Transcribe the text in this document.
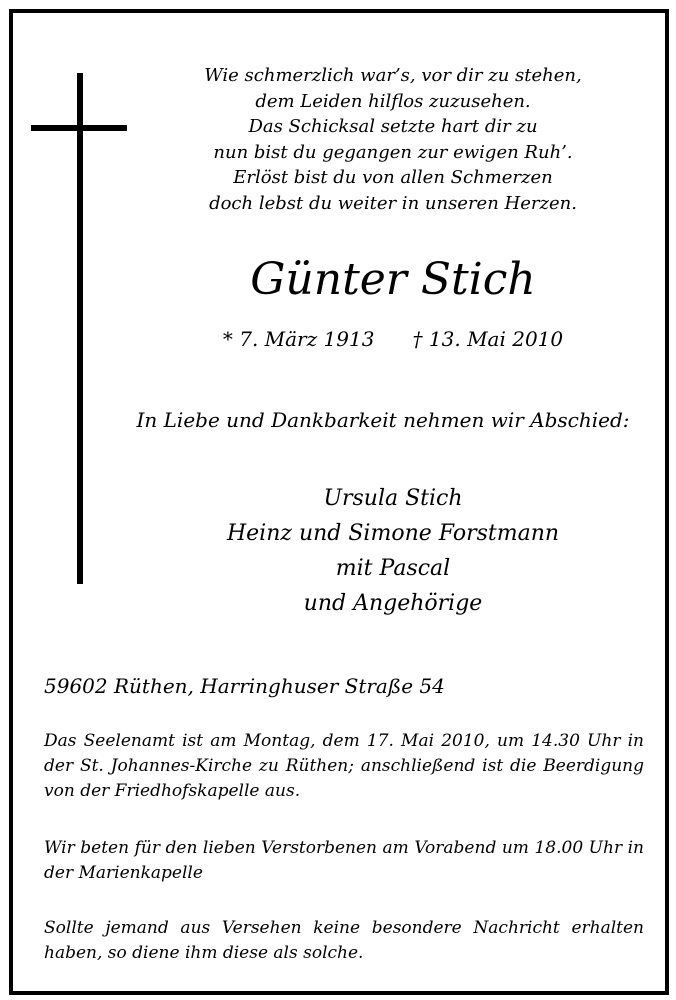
Wie schmerzlich war’s, vor dir zu stehen,
dem Leiden hilflos zuzusehen.
Das Schicksal setzte hart dir zu
nun bist du gegangen zur ewigen Ruh’.
Erlöst bist du von allen Schmerzen
doch lebst du weiter in unseren Herzen.
Günter Stich
* 7. März 1913      † 13. Mai 2010
In Liebe und Dankbarkeit nehmen wir Abschied:
Ursula Stich
Heinz und Simone Forstmann
mit Pascal
und Angehörige
59602 Rüthen, Harringhuser Straße 54
Das Seelenamt ist am Montag, dem 17. Mai 2010, um 14.30 Uhr in der St. Johannes-Kirche zu Rüthen; anschließend ist die Beerdigung von der Friedhofskapelle aus.
Wir beten für den lieben Verstorbenen am Vorabend um 18.00 Uhr in der Marienkapelle
Sollte jemand aus Versehen keine besondere Nachricht erhalten haben, so diene ihm diese als solche.
